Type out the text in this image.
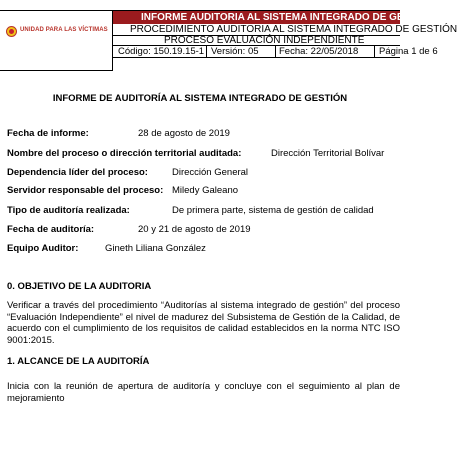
UNIDAD PARA LAS VÍCTIMAS
INFORME AUDITORIA AL SISTEMA INTEGRADO DE GESTIÓN
PROCEDIMIENTO AUDITORIA AL SISTEMA INTEGRADO DE GESTIÓN
PROCESO EVALUACIÓN INDEPENDIENTE
Código: 150.19.15-1 Versión: 05 Fecha: 22/05/2018 Página 1 de 6
INFORME DE AUDITORÍA AL SISTEMA INTEGRADO DE GESTIÓN
Fecha de informe:	28 de agosto de 2019
Nombre del proceso o dirección territorial auditada:	Dirección Territorial Bolívar
Dependencia líder del proceso:	Dirección General
Servidor responsable del proceso: Miledy Galeano
Tipo de auditoría realizada:	De primera parte, sistema de gestión de calidad
Fecha de auditoría:	20 y 21 de agosto de 2019
Equipo Auditor:	Gineth Liliana González
0. OBJETIVO DE LA AUDITORIA
Verificar a través del procedimiento “Auditorías al sistema integrado de gestión” del proceso “Evaluación Independiente” el nivel de madurez del Subsistema de Gestión de la Calidad, de acuerdo con el cumplimiento de los requisitos de calidad establecidos en la norma NTC ISO 9001:2015.
1. ALCANCE DE LA AUDITORÍA
Inicia con la reunión de apertura de auditoría y concluye con el seguimiento al plan de mejoramiento
